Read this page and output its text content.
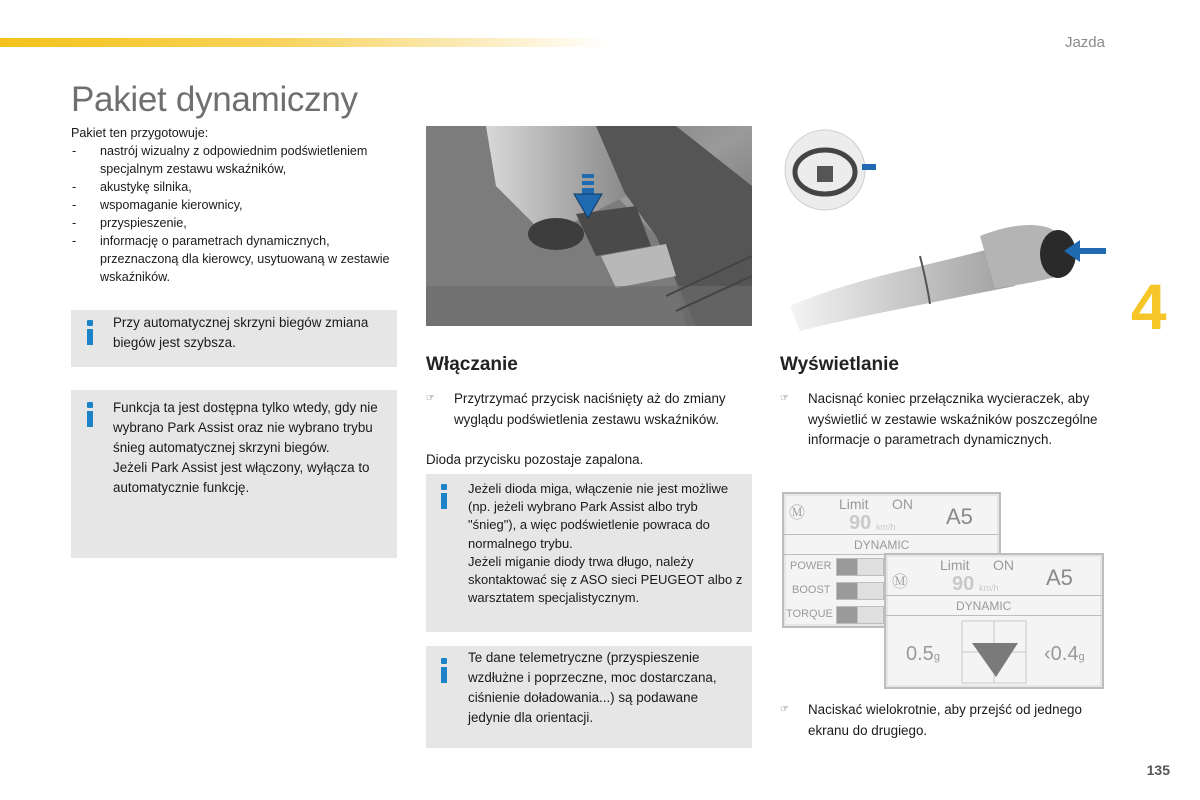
Jazda
Pakiet dynamiczny

Pakiet ten przygotowuje:

- nastrój wizualny z odpowiednim podświetleniem specjalnym zestawu wskaźników,
- akustykę silnika,
- wspomaganie kierownicy,
- przyspieszenie,
- informację o parametrach dynamicznych, przeznaczoną dla kierowcy, usytuowaną w zestawie wskaźników.
Przy automatycznej skrzyni biegów zmiana biegów jest szybsza.

Funkcja ta jest dostępna tylko wtedy, gdy nie wybrano Park Assist oraz nie wybrano trybu śnieg automatycznej skrzyni biegów.

Jeżeli Park Assist jest włączony, wyłącza to automatycznie funkcję.

4
Włączanie
☞	Przytrzymać przycisk naciśnięty aż do zmiany wyglądu podświetlenia zestawu wskaźników.
Dioda przycisku pozostaje zapalona.

Jeżeli dioda miga, włączenie nie jest możliwe (np. jeżeli wybrano Park Assist albo tryb "śnieg"), a więc podświetlenie powraca do normalnego trybu.

Jeżeli miganie diody trwa długo, należy skontaktować się z ASO sieci PEUGEOT albo z warsztatem specjalistycznym.

Te dane telemetryczne (przyspieszenie wzdłużne i poprzeczne, moc dostarczana, ciśnienie doładowania...) są podawane jedynie dla orientacji.
Wyświetlanie
☞	Nacisnąć koniec przełącznika wycieraczek, aby wyświetlić w zestawie wskaźników poszczególne informacje o parametrach dynamicznych.
Ⓜ
Limit ON
90 km/h A5
DYNAMIC
POWER
BOOST
TORQUE
Ⓜ
Limit ON
90 km/h A5
DYNAMIC
0.5g	‹0.4g
☞	Naciskać wielokrotnie, aby przejść od jednego ekranu do drugiego.
135
